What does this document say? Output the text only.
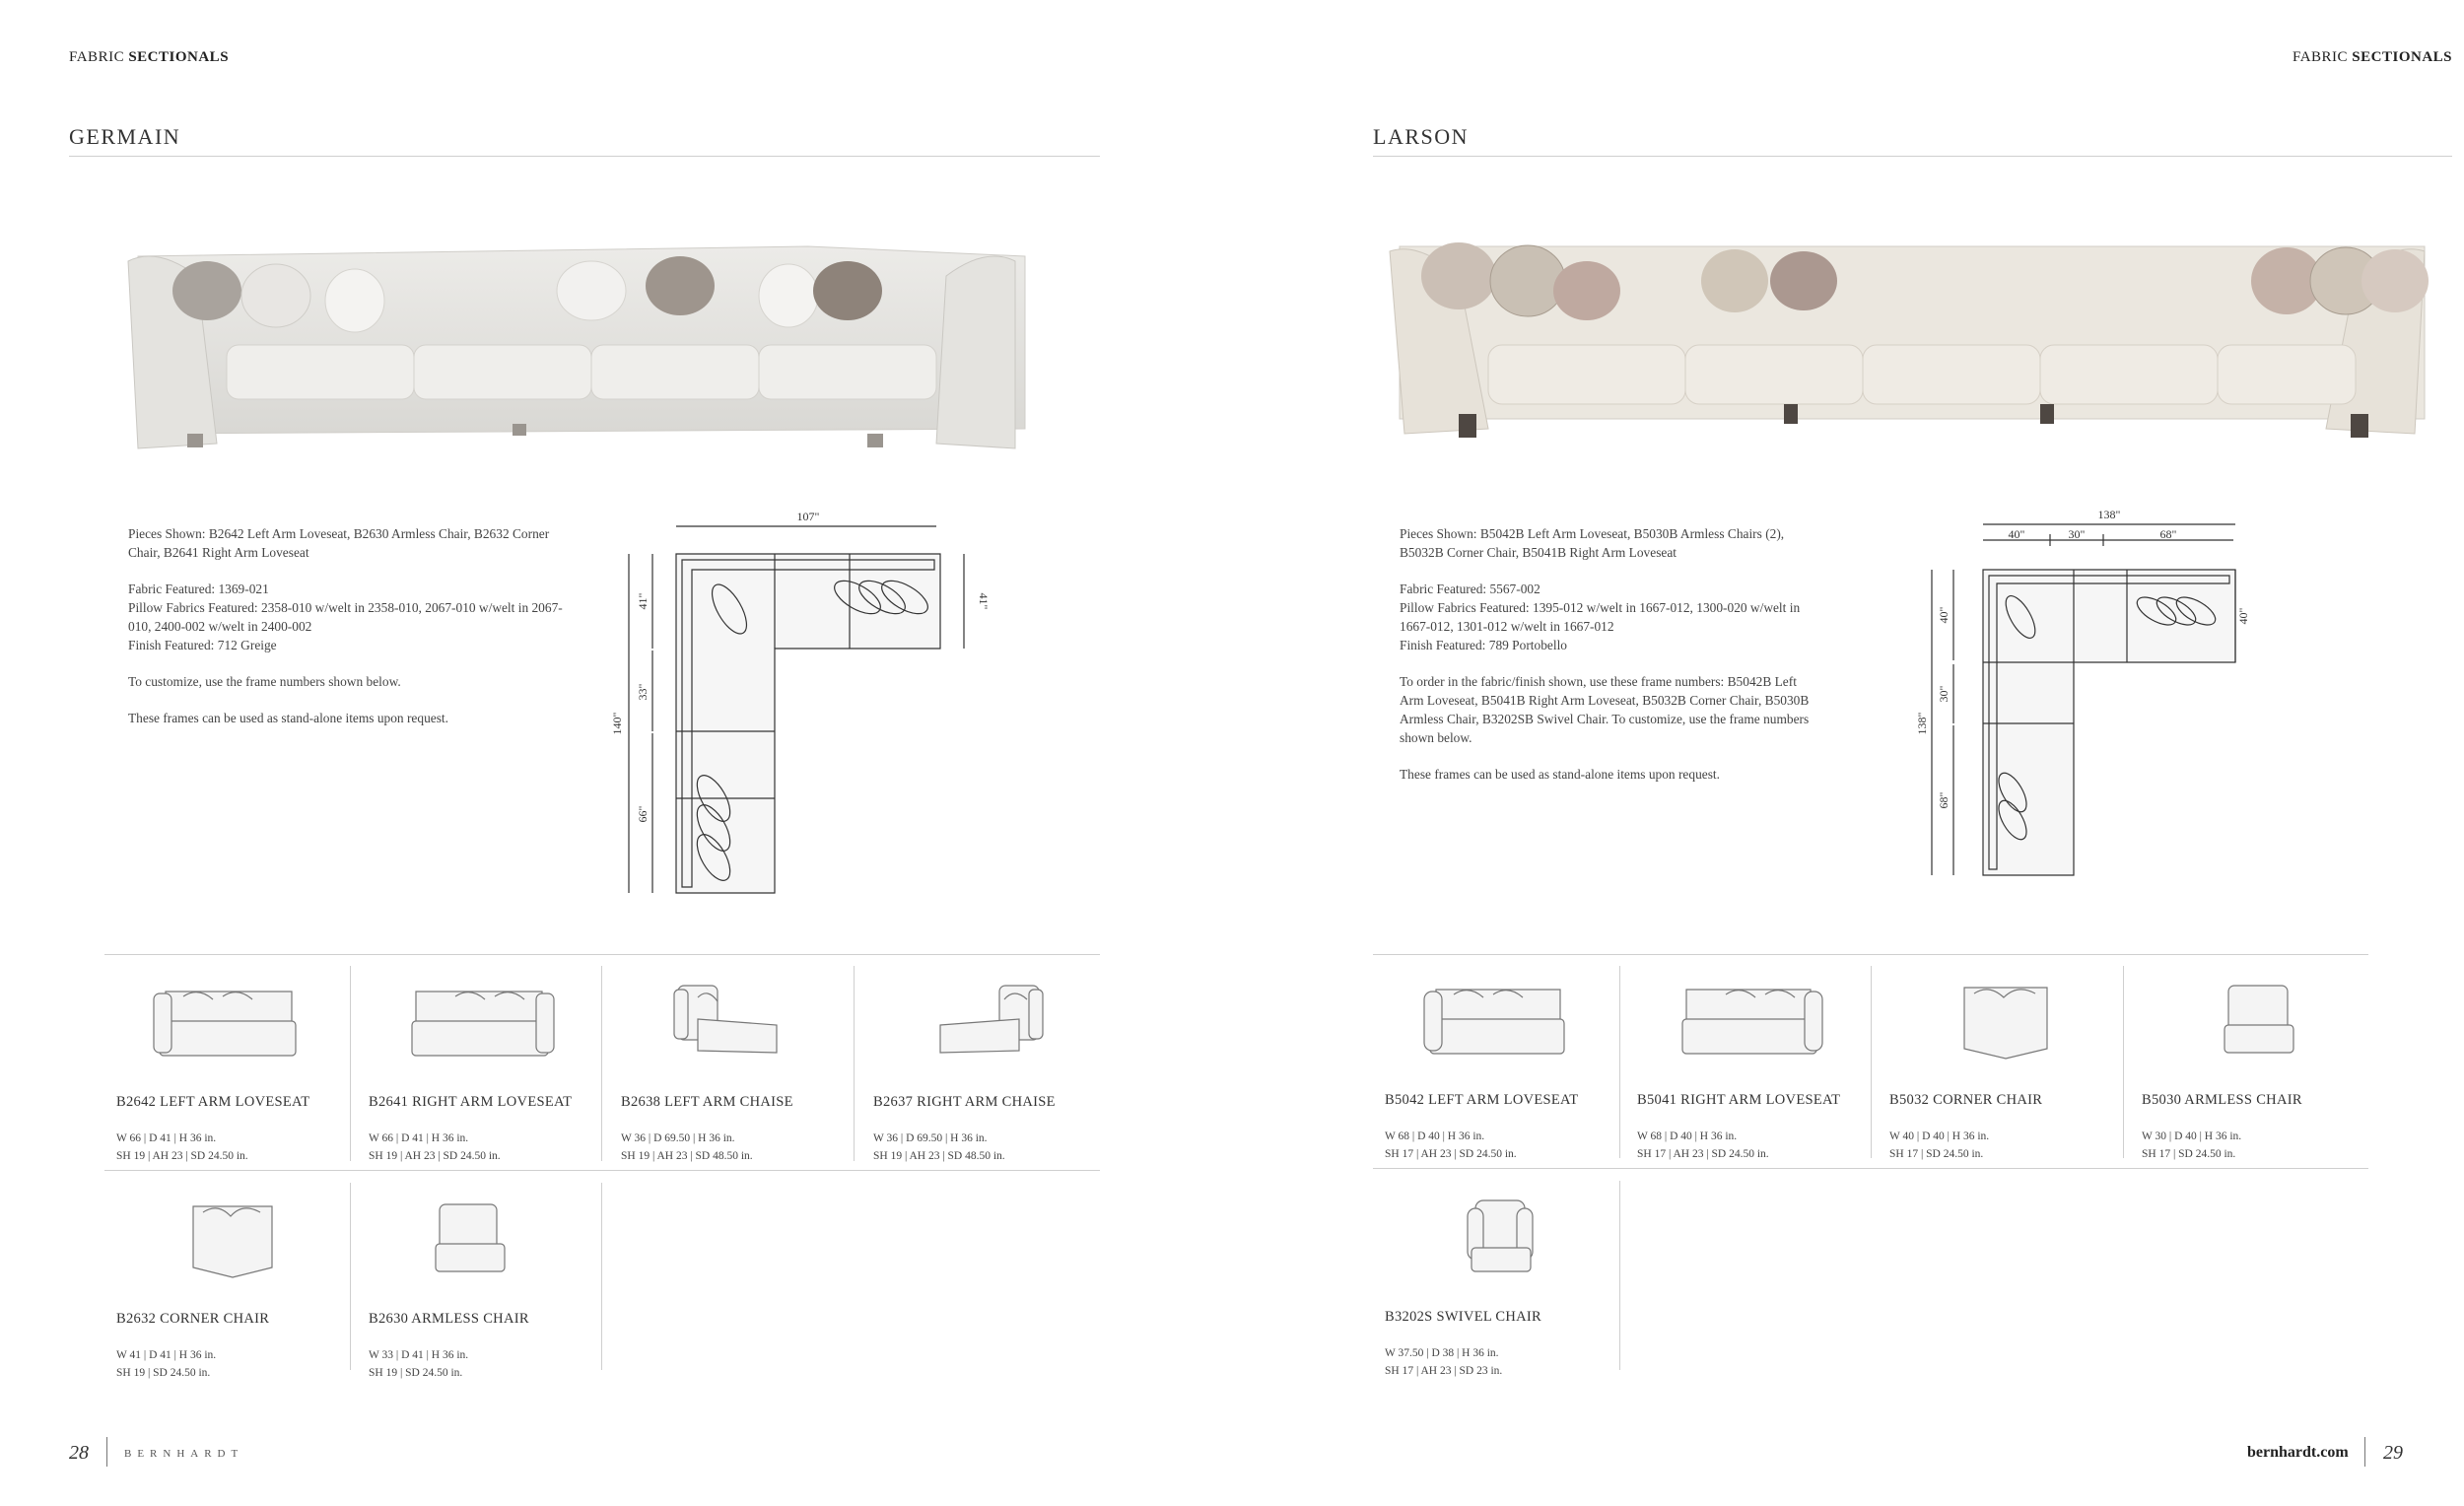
FABRIC SECTIONALS
GERMAIN

Pieces Shown: B2642 Left Arm Loveseat, B2630 Armless Chair, B2632 Corner Chair, B2641 Right Arm Loveseat

Fabric Featured: 1369-021
Pillow Fabrics Featured: 2358-010 w/welt in 2358-010, 2067-010 w/welt in 2067-010, 2400-002 w/welt in 2400-002
Finish Featured: 712 Greige

To customize, use the frame numbers shown below.

These frames can be used as stand-alone items upon request.

107"
41"
140"
41"
33"
66"
B2642 LEFT ARM LOVESEAT
W 66 | D 41 | H 36 in.
SH 19 | AH 23 | SD 24.50 in.
B2641 RIGHT ARM LOVESEAT
W 66 | D 41 | H 36 in.
SH 19 | AH 23 | SD 24.50 in.
B2638 LEFT ARM CHAISE
W 36 | D 69.50 | H 36 in.
SH 19 | AH 23 | SD 48.50 in.
B2637 RIGHT ARM CHAISE
W 36 | D 69.50 | H 36 in.
SH 19 | AH 23 | SD 48.50 in.
B2632 CORNER CHAIR
W 41 | D 41 | H 36 in.
SH 19 | SD 24.50 in.
B2630 ARMLESS CHAIR
W 33 | D 41 | H 36 in.
SH 19 | SD 24.50 in.
28	BERNHARDT
FABRIC SECTIONALS
LARSON

Pieces Shown: B5042B Left Arm Loveseat, B5030B Armless Chairs (2), B5032B Corner Chair, B5041B Right Arm Loveseat

Fabric Featured: 5567-002
Pillow Fabrics Featured: 1395-012 w/welt in 1667-012, 1300-020 w/welt in 1667-012, 1301-012 w/welt in 1667-012
Finish Featured: 789 Portobello

To order in the fabric/finish shown, use these frame numbers: B5042B Left Arm Loveseat, B5041B Right Arm Loveseat, B5032B Corner Chair, B5030B Armless Chair, B3202SB Swivel Chair. To customize, use the frame numbers shown below.

These frames can be used as stand-alone items upon request.

138"
40"	30"	68"
40"
138"
40"
30"
68"
B5042 LEFT ARM LOVESEAT
W 68 | D 40 | H 36 in.
SH 17 | AH 23 | SD 24.50 in.
B5041 RIGHT ARM LOVESEAT
W 68 | D 40 | H 36 in.
SH 17 | AH 23 | SD 24.50 in.
B5032 CORNER CHAIR
W 40 | D 40 | H 36 in.
SH 17 | SD 24.50 in.
B5030 ARMLESS CHAIR
W 30 | D 40 | H 36 in.
SH 17 | SD 24.50 in.
B3202S SWIVEL CHAIR
W 37.50 | D 38 | H 36 in.
SH 17 | AH 23 | SD 23 in.
bernhardt.com 29
